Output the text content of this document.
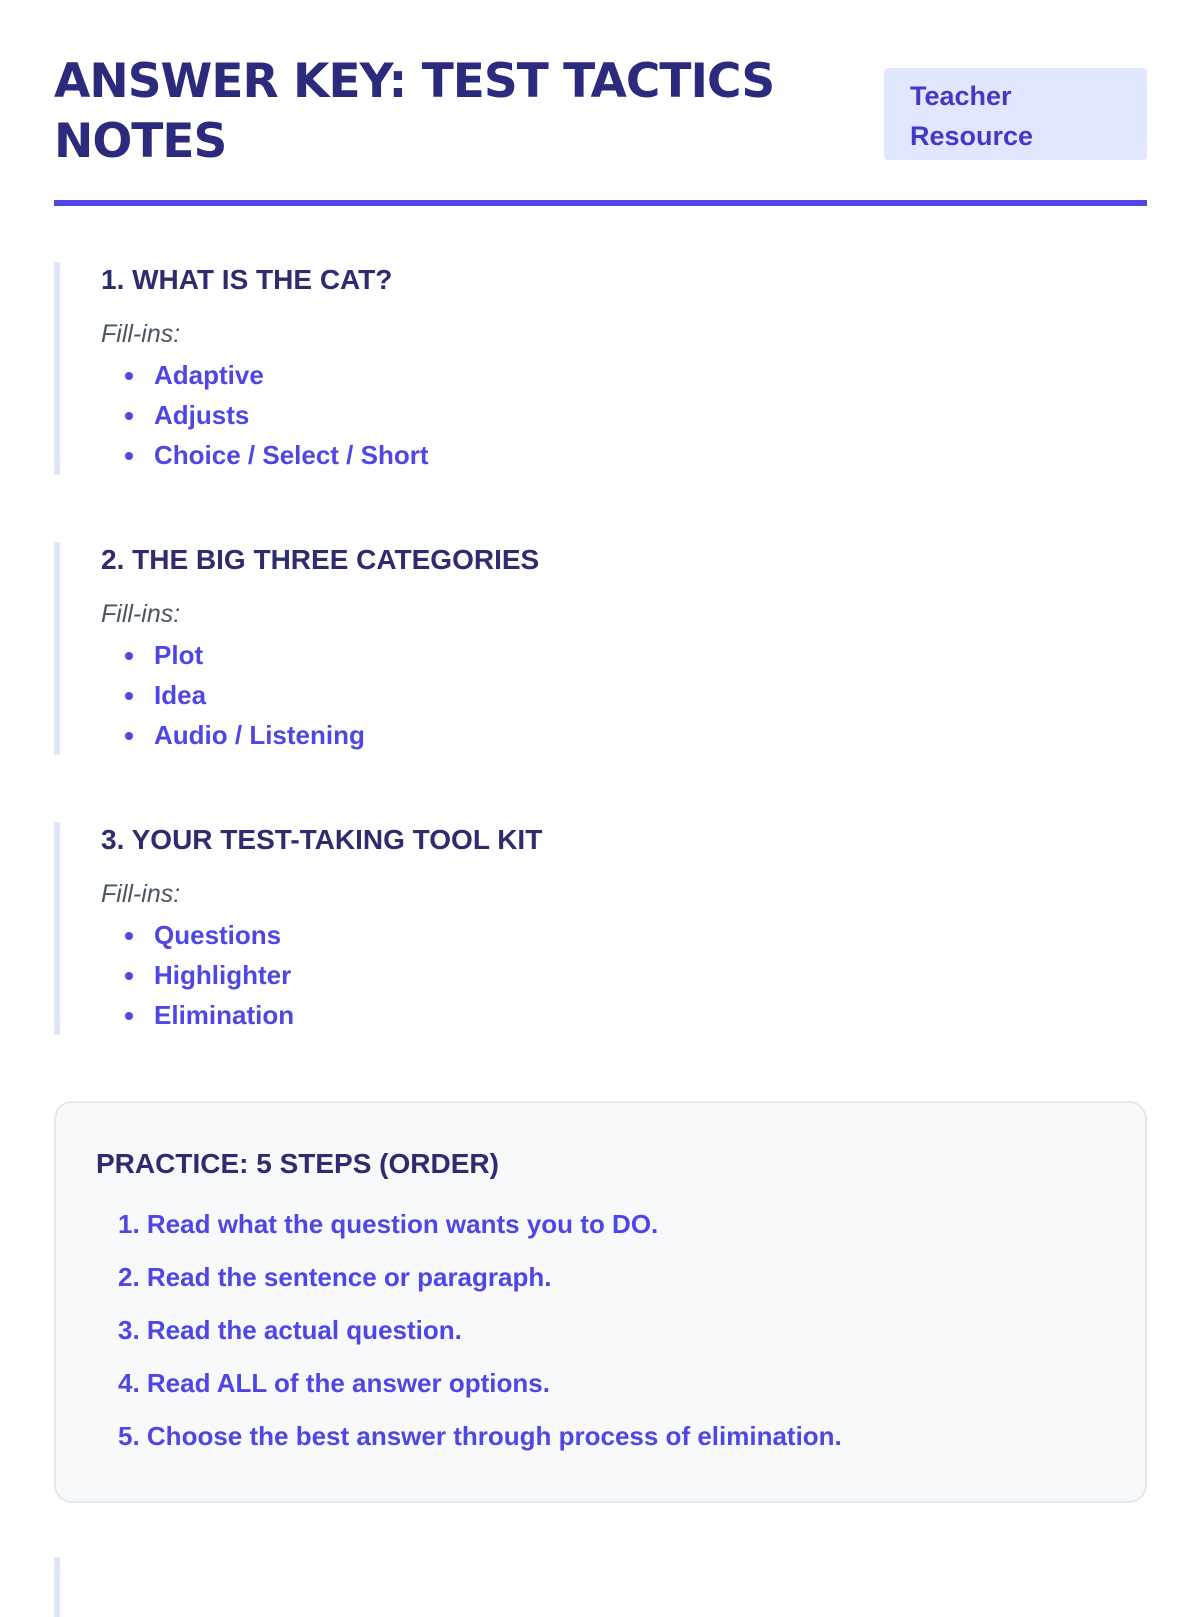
ANSWER KEY: TEST TACTICS NOTES
Teacher Resource
1. WHAT IS THE CAT?

Fill-ins:

Adaptive
Adjusts
Choice / Select / Short
2. THE BIG THREE CATEGORIES

Fill-ins:

Plot
Idea
Audio / Listening
3. YOUR TEST-TAKING TOOL KIT

Fill-ins:

Questions
Highlighter
Elimination
PRACTICE: 5 STEPS (ORDER)
1. Read what the question wants you to DO.
2. Read the sentence or paragraph.
3. Read the actual question.
4. Read ALL of the answer options.
5. Choose the best answer through process of elimination.
